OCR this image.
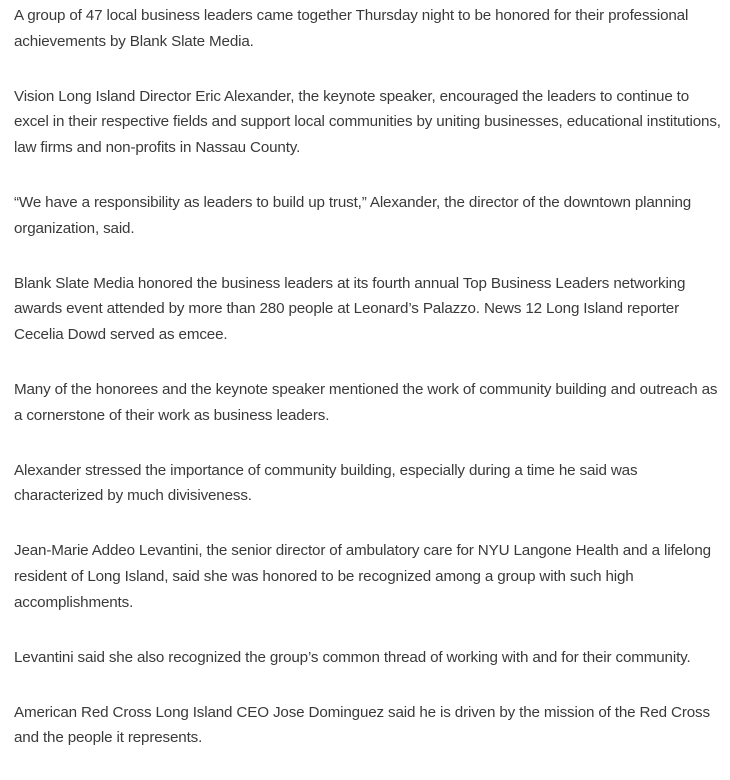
A group of 47 local business leaders came together Thursday night to be honored for their professional achievements by Blank Slate Media.

Vision Long Island Director Eric Alexander, the keynote speaker, encouraged the leaders to continue to excel in their respective fields and support local communities by uniting businesses, educational institutions, law firms and non-profits in Nassau County.

“We have a responsibility as leaders to build up trust,” Alexander, the director of the downtown planning organization, said.

Blank Slate Media honored the business leaders at its fourth annual Top Business Leaders networking awards event attended by more than 280 people at Leonard’s Palazzo. News 12 Long Island reporter Cecelia Dowd served as emcee.

Many of the honorees and the keynote speaker mentioned the work of community building and outreach as a cornerstone of their work as business leaders.

Alexander stressed the importance of community building, especially during a time he said was characterized by much divisiveness.

Jean-Marie Addeo Levantini, the senior director of ambulatory care for NYU Langone Health and a lifelong resident of Long Island, said she was honored to be recognized among a group with such high accomplishments.

Levantini said she also recognized the group’s common thread of working with and for their community.

American Red Cross Long Island CEO Jose Dominguez said he is driven by the mission of the Red Cross and the people it represents.
